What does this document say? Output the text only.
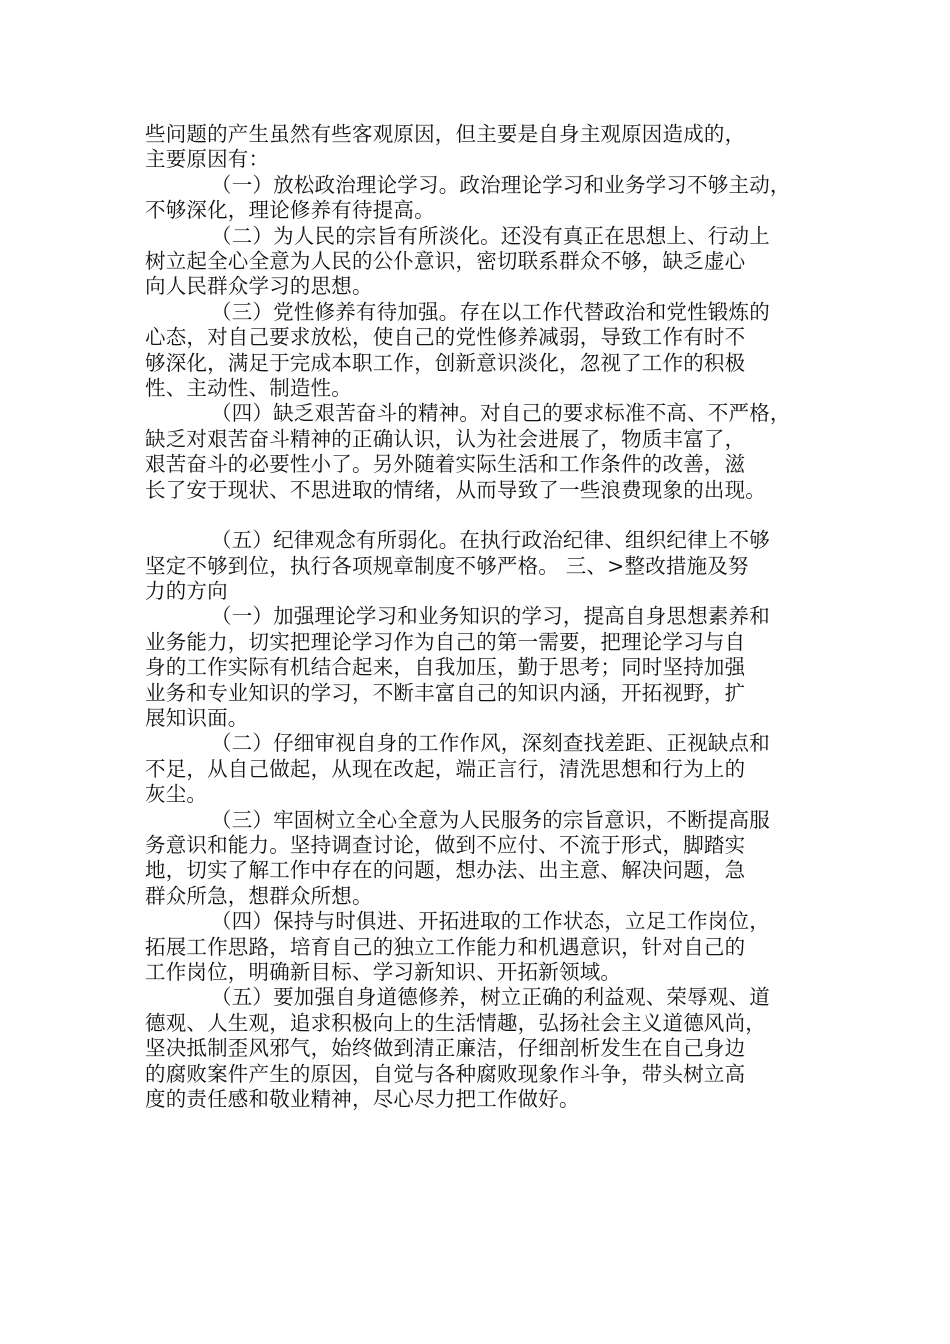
些问题的产生虽然有些客观原因，但主要是自身主观原因造成的，
主要原因有：
（一）放松政治理论学习。政治理论学习和业务学习不够主动，
不够深化，理论修养有待提高。
（二）为人民的宗旨有所淡化。还没有真正在思想上、行动上
树立起全心全意为人民的公仆意识，密切联系群众不够，缺乏虚心
向人民群众学习的思想。
（三）党性修养有待加强。存在以工作代替政治和党性锻炼的
心态，对自己要求放松，使自己的党性修养减弱，导致工作有时不
够深化，满足于完成本职工作，创新意识淡化，忽视了工作的积极
性、主动性、制造性。
（四）缺乏艰苦奋斗的精神。对自己的要求标准不高、不严格，
缺乏对艰苦奋斗精神的正确认识，认为社会进展了，物质丰富了，
艰苦奋斗的必要性小了。另外随着实际生活和工作条件的改善，滋
长了安于现状、不思进取的情绪，从而导致了一些浪费现象的出现。
（五）纪律观念有所弱化。在执行政治纪律、组织纪律上不够
坚定不够到位，执行各项规章制度不够严格。 三、>整改措施及努
力的方向
（一）加强理论学习和业务知识的学习，提高自身思想素养和
业务能力，切实把理论学习作为自己的第一需要，把理论学习与自
身的工作实际有机结合起来，自我加压，勤于思考；同时坚持加强
业务和专业知识的学习，不断丰富自己的知识内涵，开拓视野，扩
展知识面。
（二）仔细审视自身的工作作风，深刻查找差距、正视缺点和
不足，从自己做起，从现在改起，端正言行，清洗思想和行为上的
灰尘。
（三）牢固树立全心全意为人民服务的宗旨意识，不断提高服
务意识和能力。坚持调查讨论，做到不应付、不流于形式，脚踏实
地，切实了解工作中存在的问题，想办法、出主意、解决问题，急
群众所急，想群众所想。
（四）保持与时俱进、开拓进取的工作状态，立足工作岗位，
拓展工作思路，培育自己的独立工作能力和机遇意识，针对自己的
工作岗位，明确新目标、学习新知识、开拓新领域。
（五）要加强自身道德修养，树立正确的利益观、荣辱观、道
德观、人生观，追求积极向上的生活情趣，弘扬社会主义道德风尚，
坚决抵制歪风邪气，始终做到清正廉洁，仔细剖析发生在自己身边
的腐败案件产生的原因，自觉与各种腐败现象作斗争，带头树立高
度的责任感和敬业精神，尽心尽力把工作做好。
